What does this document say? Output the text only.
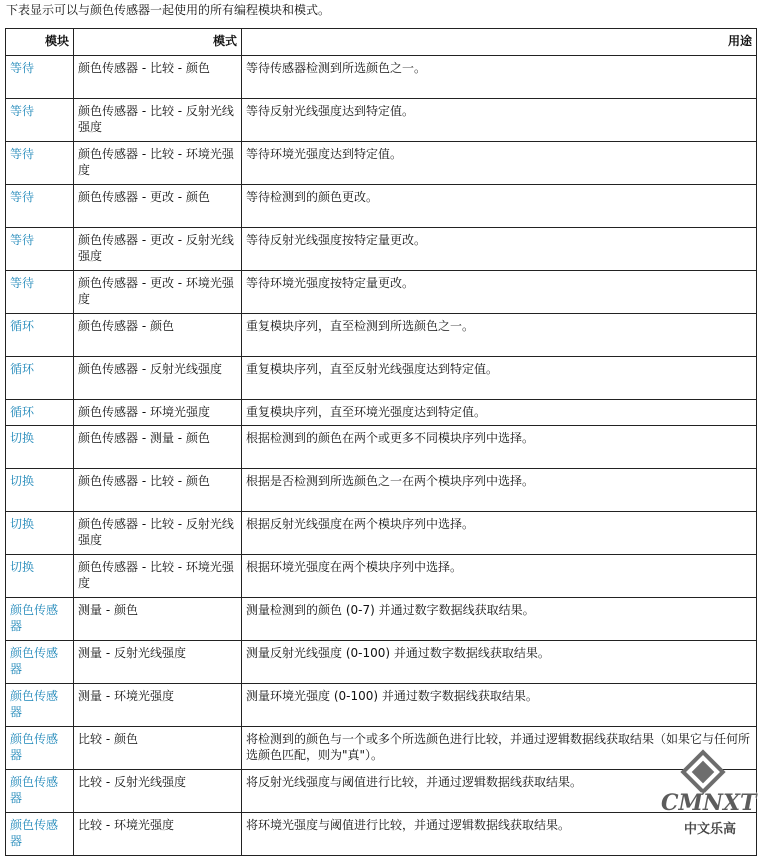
下表显示可以与颜色传感器一起使用的所有编程模块和模式。
模块	模式	用途
等待	颜色传感器 - 比较 - 颜色	等待传感器检测到所选颜色之一。
等待	颜色传感器 - 比较 - 反射光线强度	等待反射光线强度达到特定值。
等待	颜色传感器 - 比较 - 环境光强度	等待环境光强度达到特定值。
等待	颜色传感器 - 更改 - 颜色	等待检测到的颜色更改。
等待	颜色传感器 - 更改 - 反射光线强度	等待反射光线强度按特定量更改。
等待	颜色传感器 - 更改 - 环境光强度	等待环境光强度按特定量更改。
循环	颜色传感器 - 颜色	重复模块序列，直至检测到所选颜色之一。
循环	颜色传感器 - 反射光线强度	重复模块序列，直至反射光线强度达到特定值。
循环	颜色传感器 - 环境光强度	重复模块序列，直至环境光强度达到特定值。
切换	颜色传感器 - 测量 - 颜色	根据检测到的颜色在两个或更多不同模块序列中选择。
切换	颜色传感器 - 比较 - 颜色	根据是否检测到所选颜色之一在两个模块序列中选择。
切换	颜色传感器 - 比较 - 反射光线强度	根据反射光线强度在两个模块序列中选择。
切换	颜色传感器 - 比较 - 环境光强度	根据环境光强度在两个模块序列中选择。
颜色传感器	测量 - 颜色	测量检测到的颜色 (0-7) 并通过数字数据线获取结果。
颜色传感器	测量 - 反射光线强度	测量反射光线强度 (0-100) 并通过数字数据线获取结果。
颜色传感器	测量 - 环境光强度	测量环境光强度 (0-100) 并通过数字数据线获取结果。
颜色传感器	比较 - 颜色	将检测到的颜色与一个或多个所选颜色进行比较，并通过逻辑数据线获取结果（如果它与任何所选颜色匹配，则为"真"）。
颜色传感器	比较 - 反射光线强度	将反射光线强度与阈值进行比较，并通过逻辑数据线获取结果。
颜色传感器	比较 - 环境光强度	将环境光强度与阈值进行比较，并通过逻辑数据线获取结果。
CMNXT
中文乐高
